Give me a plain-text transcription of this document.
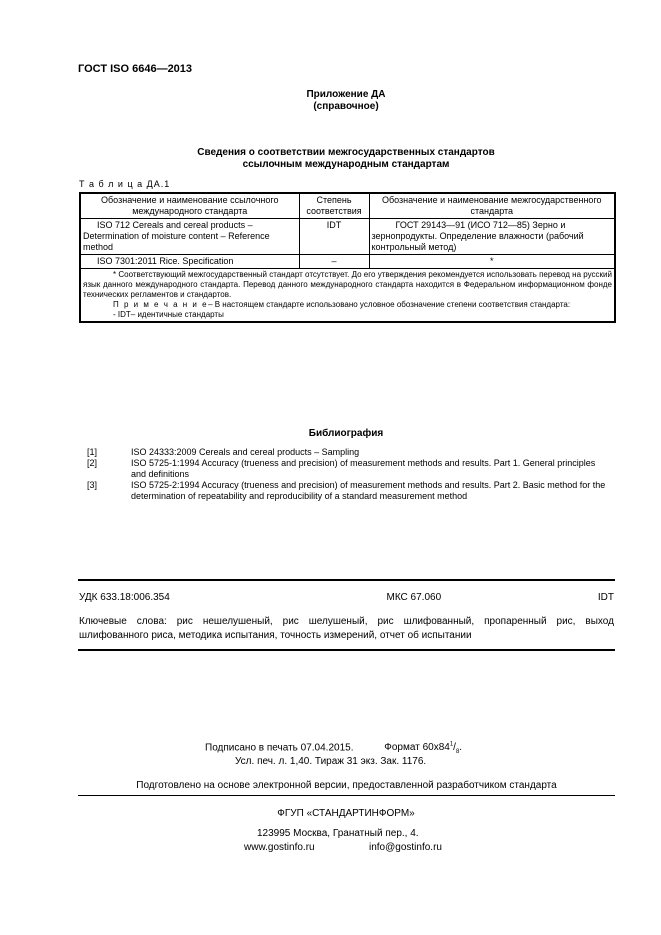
ГОСТ ISO 6646—2013
Приложение ДА
(справочное)
Сведения о соответствии межгосударственных стандартов
ссылочным международным стандартам
Т а б л и ц а ДА.1
Обозначение и наименование ссылочного международного стандарта	Степень соответствия	Обозначение и наименование межгосударственного стандарта

ISO 712 Cereals and cereal products – Determination of moisture content – Reference method	IDT	ГОСТ 29143—91 (ИСО 712—85) Зерно и зернопродукты. Определение влажности (рабочий контрольный метод)

ISO 7301:2011 Rice. Specification	–	*

* Соответствующий межгосударственный стандарт отсутствует. До его утверждения рекомендуется использовать перевод на русский язык данного международного стандарта. Перевод данного международного стандарта находится в Федеральном информационном фонде технических регламентов и стандартов.
П р и м е ч а н и е– В настоящем стандарте использовано условное обозначение степени соответствия стандарта:
- IDT– идентичные стандарты		
Библиография
[1]	ISO 24333:2009 Cereals and cereal products – Sampling
[2]	ISO 5725-1:1994 Accuracy (trueness and precision) of measurement methods and results. Part 1. General principles and definitions
[3]	ISO 5725-2:1994 Accuracy (trueness and precision) of measurement methods and results. Part 2. Basic method for the determination of repeatability and reproducibility of a standard measurement method
УДК 633.18:006.354	МКС 67.060	IDT
Ключевые слова: рис нешелушеный, рис шелушеный, рис шлифованный, пропаренный рис, выход шлифованного риса, методика испытания, точность измерений, отчет об испытании
Подписано в печать 07.04.2015.	Формат $60x84^1/_8$.
Усл. печ. л. 1,40. Тираж 31 экз. Зак. 1176.
Подготовлено на основе электронной версии, предоставленной разработчиком стандарта
ФГУП «СТАНДАРТИНФОРМ»
123995 Москва, Гранатный пер., 4.
www.gostinfo.ru	info@gostinfo.ru
